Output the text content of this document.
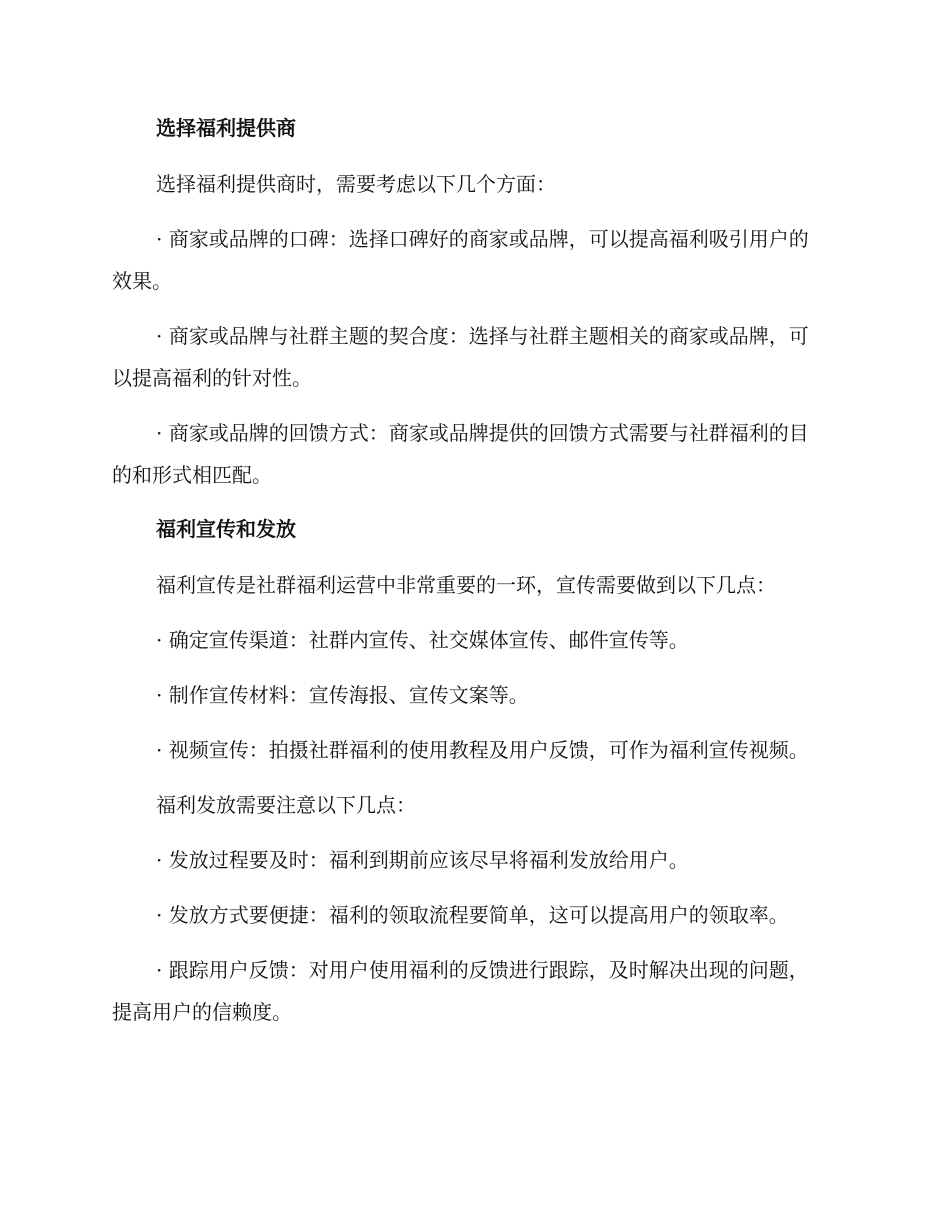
选择福利提供商

选择福利提供商时，需要考虑以下几个方面：

· 商家或品牌的口碑：选择口碑好的商家或品牌，可以提高福利吸引用户的效果。

· 商家或品牌与社群主题的契合度：选择与社群主题相关的商家或品牌，可以提高福利的针对性。

· 商家或品牌的回馈方式：商家或品牌提供的回馈方式需要与社群福利的目的和形式相匹配。

福利宣传和发放

福利宣传是社群福利运营中非常重要的一环，宣传需要做到以下几点：

· 确定宣传渠道：社群内宣传、社交媒体宣传、邮件宣传等。

· 制作宣传材料：宣传海报、宣传文案等。

· 视频宣传：拍摄社群福利的使用教程及用户反馈，可作为福利宣传视频。

福利发放需要注意以下几点：

· 发放过程要及时：福利到期前应该尽早将福利发放给用户。

· 发放方式要便捷：福利的领取流程要简单，这可以提高用户的领取率。

· 跟踪用户反馈：对用户使用福利的反馈进行跟踪，及时解决出现的问题，提高用户的信赖度。
